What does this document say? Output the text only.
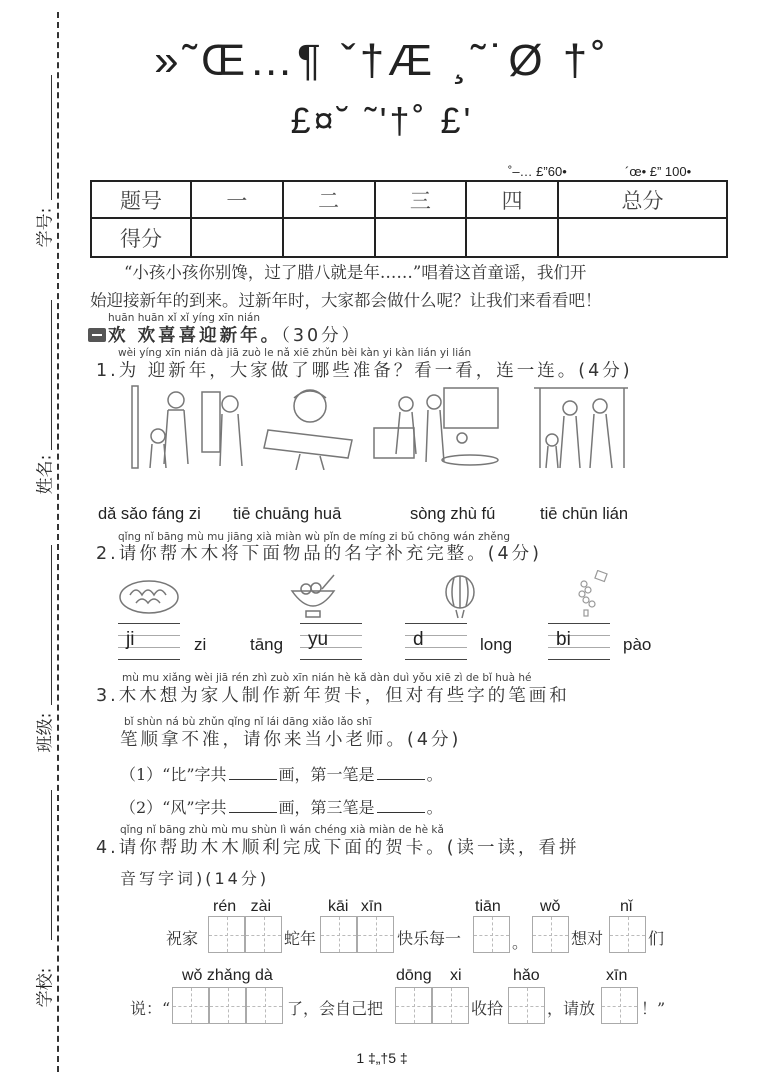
学号:
姓名:
班级:
学校:
»˜Œ…¶ ˇ†Æ ¸˜˙Ø †˚
£¤˘ ˜'†˚ £'
˚–… £”60•	´œ• £” 100•
题号	一	二	三	四	总分
得分					
“小孩小孩你别馋，过了腊八就是年……”唱着这首童谣，我们开
始迎接新年的到来。过新年时，大家都会做什么呢？让我们来看看吧！
huān huān xǐ xǐ yíng xīn nián
欢 欢喜喜迎新年。（30分）
wèi yíng xīn nián dà jiā zuò le nǎ xiē zhǔn bèi kàn yi kàn lián yi lián
1.为 迎新年，大家做了哪些准备？看一看，连一连。(4分)
dǎ sǎo fáng zi tiē chuāng huā	sòng zhù fú	tiē chūn lián
qǐng nǐ bāng mù mu jiāng xià miàn wù pǐn de míng zi bǔ chōng wán zhěng
2.请你帮木木将下面物品的名字补充完整。(4分)
ji	zi	tāng yu	d	long bi	pào
mù mu xiǎng wèi jiā rén zhì zuò xīn nián hè kǎ dàn duì yǒu xiē zì de bǐ huà hé
3.木木想为家人制作新年贺卡，但对有些字的笔画和
bǐ shùn ná bù zhǔn qǐng nǐ lái dāng xiǎo lǎo shī
笔顺拿不准，请你来当小老师。(4分)
（1）“比”字共	画，第一笔是	。
（2）“风”字共	画，第三笔是	。
qǐng nǐ bāng zhù mù mu shùn lì wán chéng xià miàn de hè kǎ
4.请你帮助木木顺利完成下面的贺卡。(读一读，看拼
音写字词)(14分)
rén zài	kāi xīn	tiān wǒ	nǐ
祝家	蛇年	快乐每一	。	想对	们
wǒ zhǎng dà	dōng xi	hǎo	xīn
说：“	了，会自己把	收拾	，请放	！”
1 ‡„†5 ‡
